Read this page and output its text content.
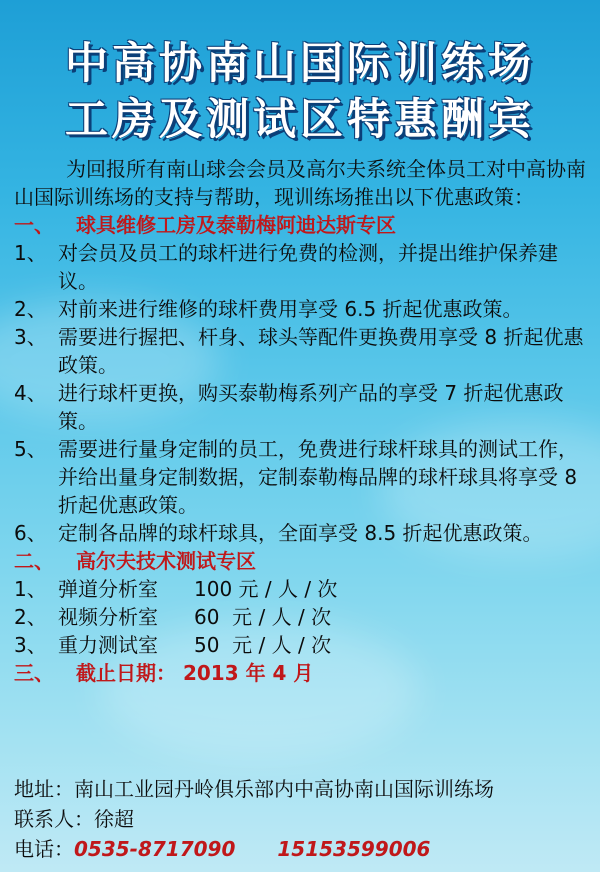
中高协南山国际训练场
工房及测试区特惠酬宾

为回报所有南山球会会员及高尔夫系统全体员工对中高协南山国际训练场的支持与帮助，现训练场推出以下优惠政策：

一、 球具维修工房及泰勒梅阿迪达斯专区

1、 对会员及员工的球杆进行免费的检测，并提出维护保养建议。

2、 对前来进行维修的球杆费用享受 6.5 折起优惠政策。

3、 需要进行握把、杆身、球头等配件更换费用享受 8 折起优惠政策。

4、 进行球杆更换，购买泰勒梅系列产品的享受 7 折起优惠政策。

5、 需要进行量身定制的员工，免费进行球杆球具的测试工作，并给出量身定制数据，定制泰勒梅品牌的球杆球具将享受 8 折起优惠政策。

6、 定制各品牌的球杆球具，全面享受 8.5 折起优惠政策。

二、 高尔夫技术测试专区

1、 弹道分析室 100 元 / 人 / 次

2、 视频分析室 60  元 / 人 / 次

3、 重力测试室 50  元 / 人 / 次

三、 截止日期： 2013 年 4 月

地址：南山工业园丹岭俱乐部内中高协南山国际训练场
联系人：徐超
电话：0535-8717090 15153599006
